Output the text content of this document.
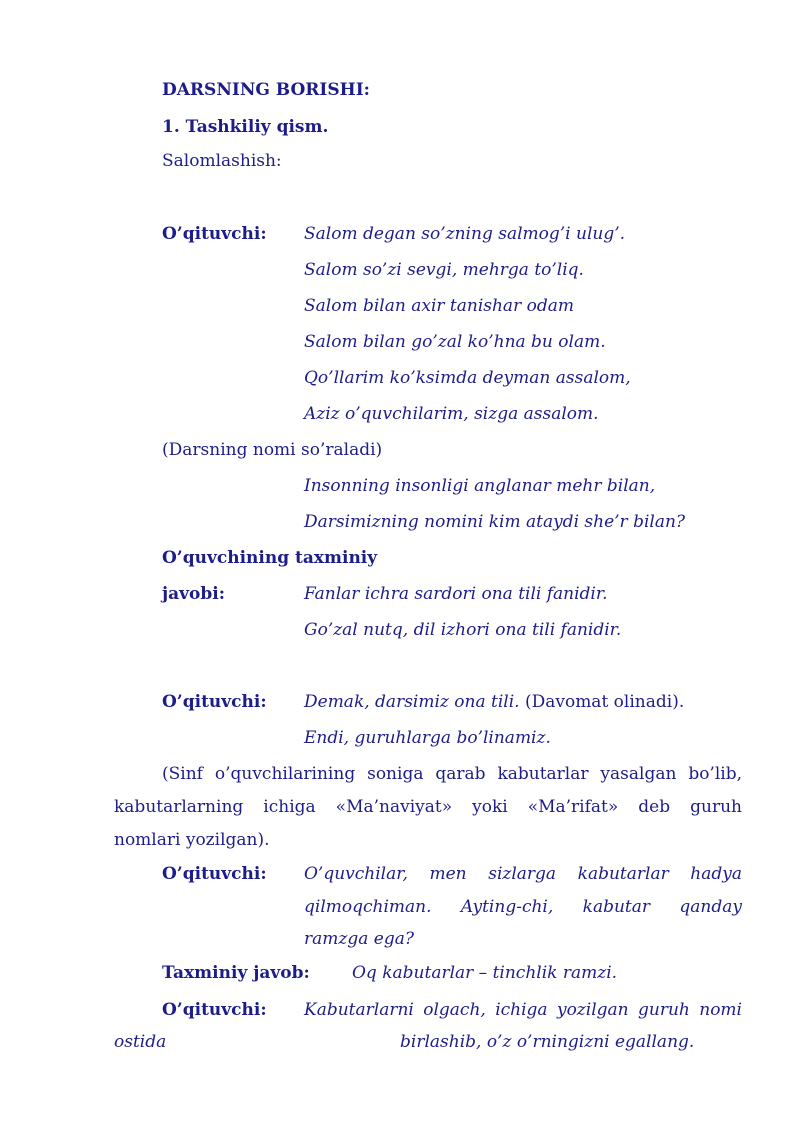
DARSNING BORISHI:
1. Tashkiliy qism.
Salomlashish:
O’qituvchi: Salom degan so’zning salmog’i ulug’.
Salom so’zi sevgi, mehrga to’liq.
Salom bilan axir tanishar odam
Salom bilan go’zal ko’hna bu olam.
Qo’llarim ko’ksimda deyman assalom,
Aziz o’quvchilarim, sizga assalom.
(Darsning nomi so’raladi)
Insonning insonligi anglanar mehr bilan,
Darsimizning nomini kim ataydi she’r bilan?
O’quvchining taxminiy
javobi:	Fanlar ichra sardori ona tili fanidir.
Go’zal nutq, dil izhori ona tili fanidir.
O’qituvchi: Demak, darsimiz ona tili. (Davomat olinadi).
Endi, guruhlarga bo’linamiz.
(Sinf o’quvchilarining soniga qarab kabutarlar yasalgan bo’lib,
kabutarlarning ichiga «Ma’naviyat» yoki «Ma’rifat» deb guruh
nomlari yozilgan).
O’qituvchi: O’quvchilar, men sizlarga kabutarlar hadya
qilmoqchiman. Ayting-chi, kabutar qanday
ramzga ega?
Taxminiy javob: Oq kabutarlar – tinchlik ramzi.
O’qituvchi: Kabutarlarni olgach, ichiga yozilgan guruh nomi
ostida	birlashib, o’z o’rningizni egallang.
